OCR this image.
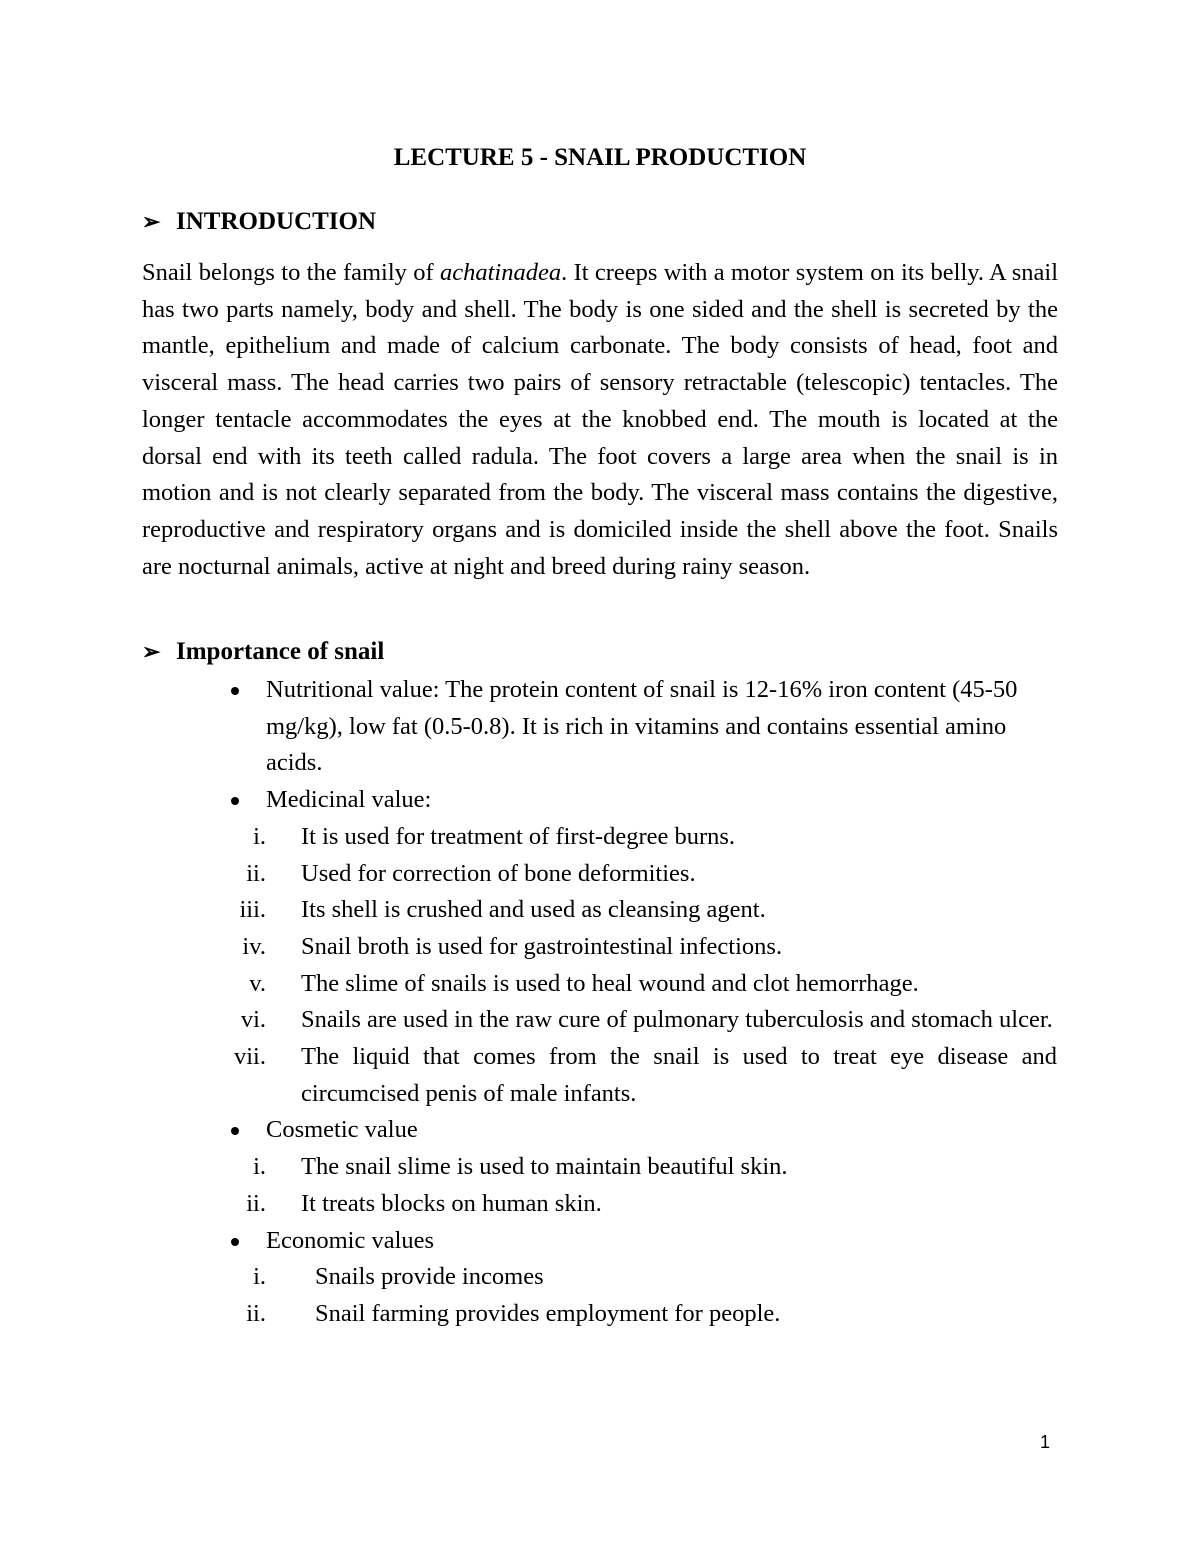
LECTURE 5 - SNAIL PRODUCTION
➢ INTRODUCTION

Snail belongs to the family of achatinadea. It creeps with a motor system on its belly. A snail has two parts namely, body and shell. The body is one sided and the shell is secreted by the mantle, epithelium and made of calcium carbonate. The body consists of head, foot and visceral mass. The head carries two pairs of sensory retractable (telescopic) tentacles. The longer tentacle accommodates the eyes at the knobbed end. The mouth is located at the dorsal end with its teeth called radula. The foot covers a large area when the snail is in motion and is not clearly separated from the body. The visceral mass contains the digestive, reproductive and respiratory organs and is domiciled inside the shell above the foot. Snails are nocturnal animals, active at night and breed during rainy season.

➢ Importance of snail
Nutritional value: The protein content of snail is 12-16% iron content (45-50 mg/kg), low fat (0.5-0.8). It is rich in vitamins and contains essential amino acids.
Medicinal value:
i. It is used for treatment of first-degree burns.
ii. Used for correction of bone deformities.
iii. Its shell is crushed and used as cleansing agent.
iv. Snail broth is used for gastrointestinal infections.
v. The slime of snails is used to heal wound and clot hemorrhage.
vi. Snails are used in the raw cure of pulmonary tuberculosis and stomach ulcer.
vii. The liquid that comes from the snail is used to treat eye disease and circumcised penis of male infants.
Cosmetic value
i. The snail slime is used to maintain beautiful skin.
ii. It treats blocks on human skin.
Economic values
i. Snails provide incomes
ii. Snail farming provides employment for people.
1
